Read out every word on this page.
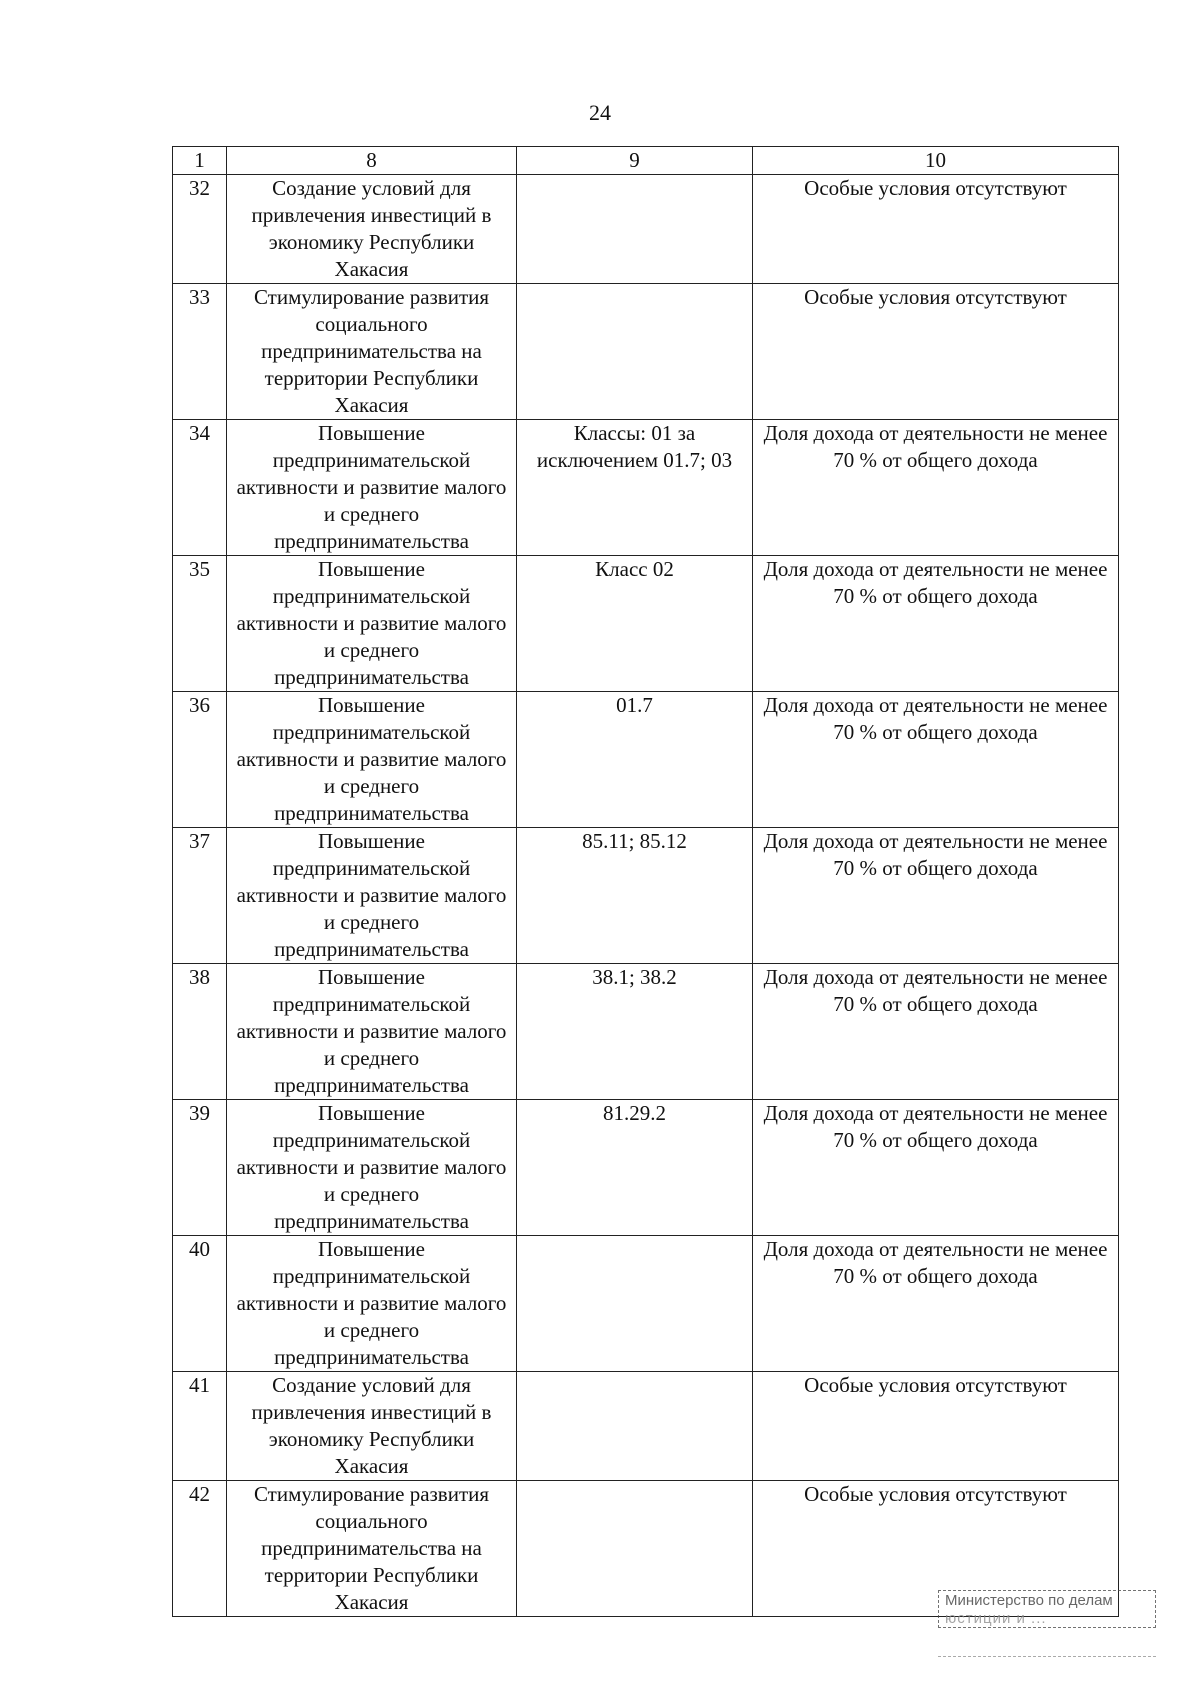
24
1	8	9	10
32	Создание условий для привлечения инвестиций в экономику Республики Хакасия		Особые условия отсутствуют
33	Стимулирование развития социального предпринимательства на территории Республики Хакасия		Особые условия отсутствуют
34	Повышение предпринимательской активности и развитие малого и среднего предпринимательства	Классы: 01 за исключением 01.7; 03	Доля дохода от деятельности не менее 70 % от общего дохода
35	Повышение предпринимательской активности и развитие малого и среднего предпринимательства	Класс 02	Доля дохода от деятельности не менее 70 % от общего дохода
36	Повышение предпринимательской активности и развитие малого и среднего предпринимательства	01.7	Доля дохода от деятельности не менее 70 % от общего дохода
37	Повышение предпринимательской активности и развитие малого и среднего предпринимательства	85.11; 85.12	Доля дохода от деятельности не менее 70 % от общего дохода
38	Повышение предпринимательской активности и развитие малого и среднего предпринимательства	38.1; 38.2	Доля дохода от деятельности не менее 70 % от общего дохода
39	Повышение предпринимательской активности и развитие малого и среднего предпринимательства	81.29.2	Доля дохода от деятельности не менее 70 % от общего дохода
40	Повышение предпринимательской активности и развитие малого и среднего предпринимательства		Доля дохода от деятельности не менее 70 % от общего дохода
41	Создание условий для привлечения инвестиций в экономику Республики Хакасия		Особые условия отсутствуют
42	Стимулирование развития социального предпринимательства на территории Республики Хакасия		Особые условия отсутствуют
Министерство по делам
юстиции и ...
